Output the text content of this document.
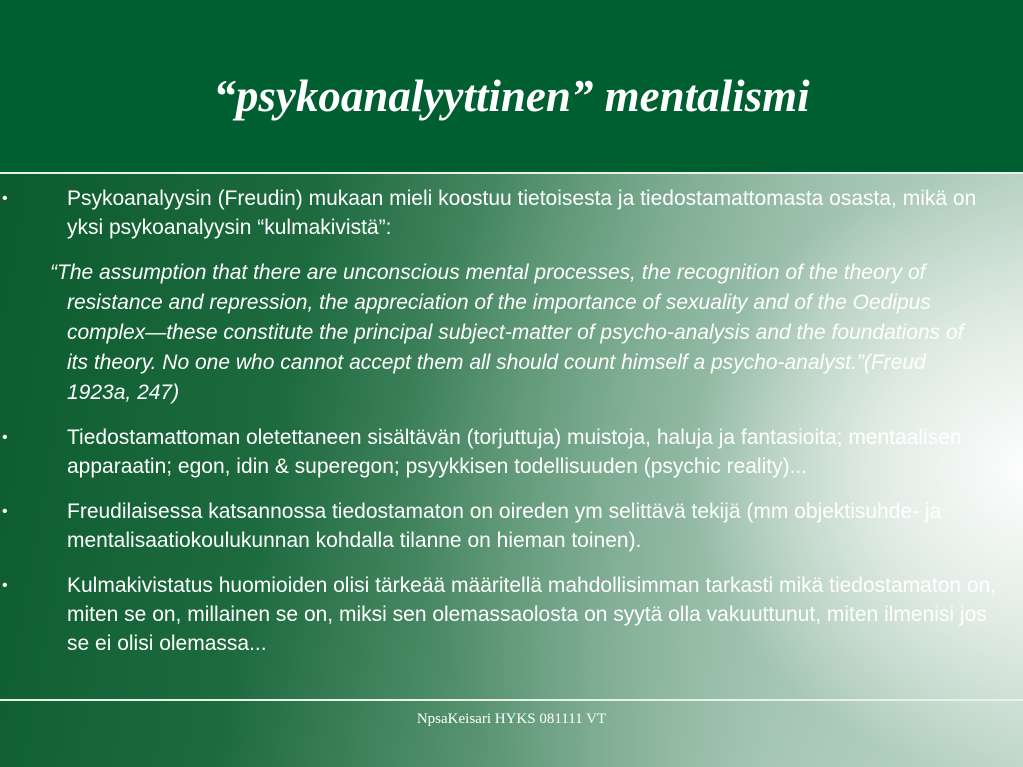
“psykoanalyyttinen” mentalismi
•	Psykoanalyysin (Freudin) mukaan mieli koostuu tietoisesta ja tiedostamattomasta osasta, mikä on yksi psykoanalyysin “kulmakivistä”:
“The assumption that there are unconscious mental processes, the recognition of the theory of resistance and repression, the appreciation of the importance of sexuality and of the Oedipus complex—these constitute the principal subject-matter of psycho-analysis and the foundations of its theory. No one who cannot accept them all should count himself a psycho-analyst.”(Freud 1923a, 247)
•	Tiedostamattoman oletettaneen sisältävän (torjuttuja) muistoja, haluja ja fantasioita; mentaalisen apparaatin; egon, idin & superegon; psyykkisen todellisuuden (psychic reality)...
•	Freudilaisessa katsannossa tiedostamaton on oireden ym selittävä tekijä (mm objektisuhde- ja mentalisaatiokoulukunnan kohdalla tilanne on hieman toinen).
•	Kulmakivistatus huomioiden olisi tärkeää määritellä mahdollisimman tarkasti mikä tiedostamaton on, miten se on, millainen se on, miksi sen olemassaolosta on syytä olla vakuuttunut, miten ilmenisi jos se ei olisi olemassa...
NpsaKeisari HYKS 081111 VT
